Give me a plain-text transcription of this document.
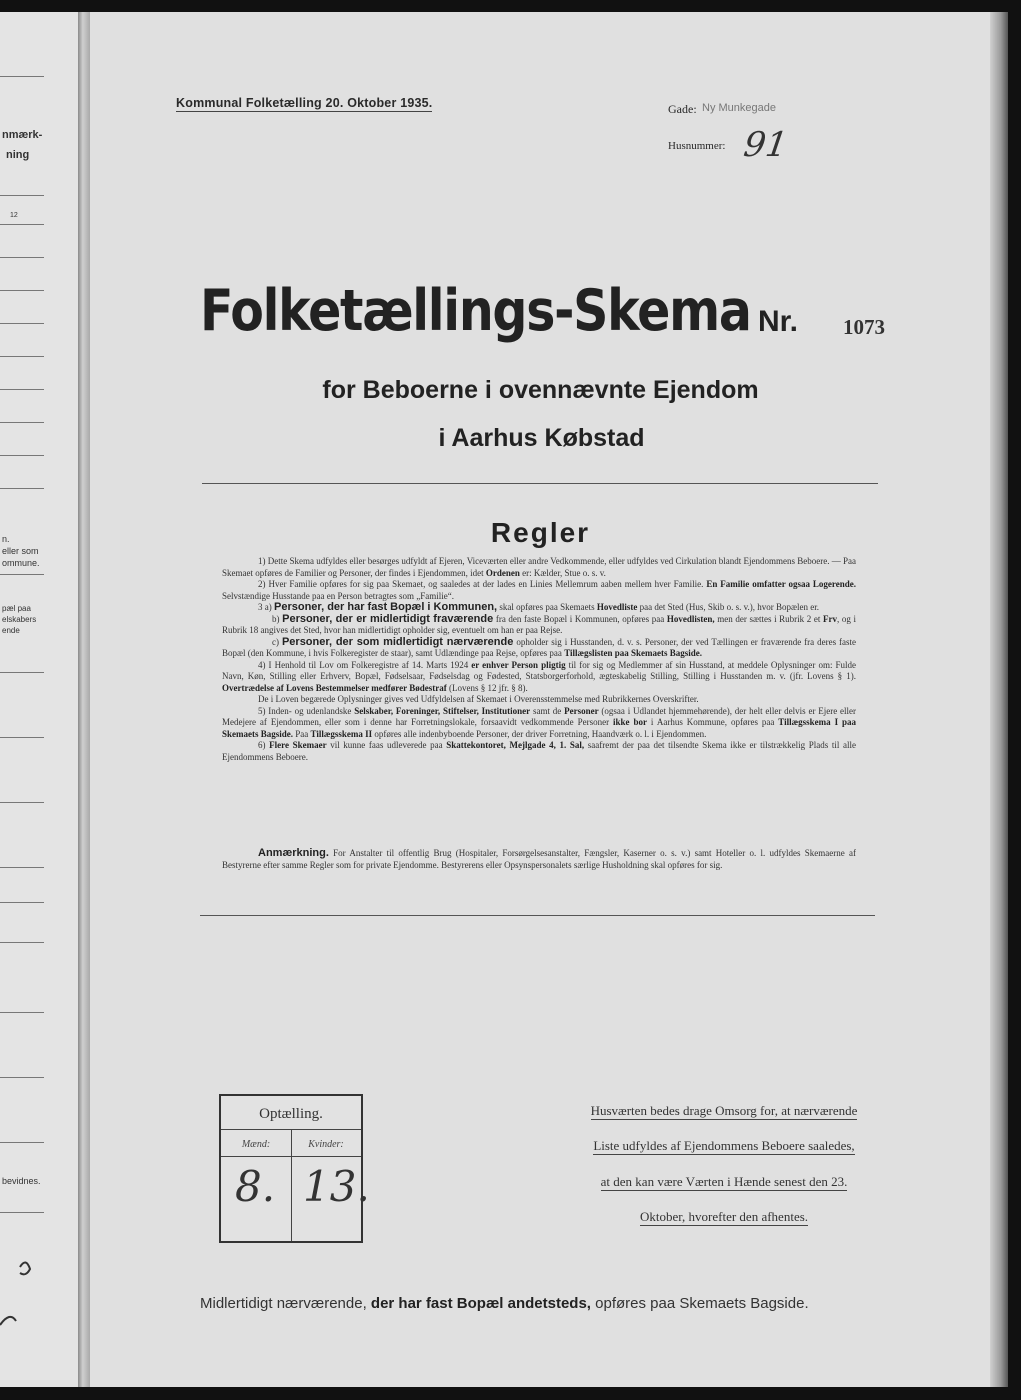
nmærk-
ning
12
n.
eller som
ommune.
pæl paa
elskabers
ende
bevidnes.
Kommunal Folketælling 20. Oktober 1935.	Gade: Ny Munkegade
Husnummer: 91
Folketællings-Skema Nr. 1073
for Beboerne i ovennævnte Ejendom
i Aarhus Købstad
Regler

1) Dette Skema udfyldes eller besørges udfyldt af Ejeren, Viceværten eller andre Vedkommende, eller udfyldes ved Cirkulation blandt Ejendommens Beboere. — Paa Skemaet opføres de Familier og Personer, der findes i Ejendommen, idet Ordenen er: Kælder, Stue o. s. v.

2) Hver Familie opføres for sig paa Skemaet, og saaledes at der lades en Linies Mellemrum aaben mellem hver Familie. En Familie omfatter ogsaa Logerende. Selvstændige Husstande paa en Person betragtes som „Familie“.

3 a) Personer, der har fast Bopæl i Kommunen, skal opføres paa Skemaets Hovedliste paa det Sted (Hus, Skib o. s. v.), hvor Bopælen er.

b) Personer, der er midlertidigt fraværende fra den faste Bopæl i Kommunen, opføres paa Hovedlisten, men der sættes i Rubrik 2 et Frv, og i Rubrik 18 angives det Sted, hvor han midlertidigt opholder sig, eventuelt om han er paa Rejse.

c) Personer, der som midlertidigt nærværende opholder sig i Husstanden, d. v. s. Personer, der ved Tællingen er fraværende fra deres faste Bopæl (den Kommune, i hvis Folkeregister de staar), samt Udlændinge paa Rejse, opføres paa Tillægslisten paa Skemaets Bagside.

4) I Henhold til Lov om Folkeregistre af 14. Marts 1924 er enhver Person pligtig til for sig og Medlemmer af sin Husstand, at meddele Oplysninger om: Fulde Navn, Køn, Stilling eller Erhverv, Bopæl, Fødselsaar, Fødselsdag og Fødested, Statsborgerforhold, ægteskabelig Stilling, Stilling i Husstanden m. v. (jfr. Lovens § 1). Overtrædelse af Lovens Bestemmelser medfører Bødestraf (Lovens § 12 jfr. § 8).

De i Loven begærede Oplysninger gives ved Udfyldelsen af Skemaet i Overensstemmelse med Rubrikkernes Overskrifter.

5) Inden- og udenlandske Selskaber, Foreninger, Stiftelser, Institutioner samt de Personer (ogsaa i Udlandet hjemmehørende), der helt eller delvis er Ejere eller Medejere af Ejendommen, eller som i denne har Forretningslokale, forsaavidt vedkommende Personer ikke bor i Aarhus Kommune, opføres paa Tillægsskema I paa Skemaets Bagside. Paa Tillægsskema II opføres alle indenbyboende Personer, der driver Forretning, Haandværk o. l. i Ejendommen.

6) Flere Skemaer vil kunne faas udleverede paa Skattekontoret, Mejlgade 4, 1. Sal, saafremt der paa det tilsendte Skema ikke er tilstrækkelig Plads til alle Ejendommens Beboere.

Anmærkning. For Anstalter til offentlig Brug (Hospitaler, Forsørgelsesanstalter, Fængsler, Kaserner o. s. v.) samt Hoteller o. l. udfyldes Skemaerne af Bestyrerne efter samme Regler som for private Ejendomme. Bestyrerens eller Opsynspersonalets særlige Husholdning skal opføres for sig.

Optælling.
Mænd:	Kvinder:
8. 13.
Husværten bedes drage Omsorg for, at nærværende
Liste udfyldes af Ejendommens Beboere saaledes,
at den kan være Værten i Hænde senest den 23.
Oktober, hvorefter den afhentes.
Midlertidigt nærværende, der har fast Bopæl andetsteds, opføres paa Skemaets Bagside.
